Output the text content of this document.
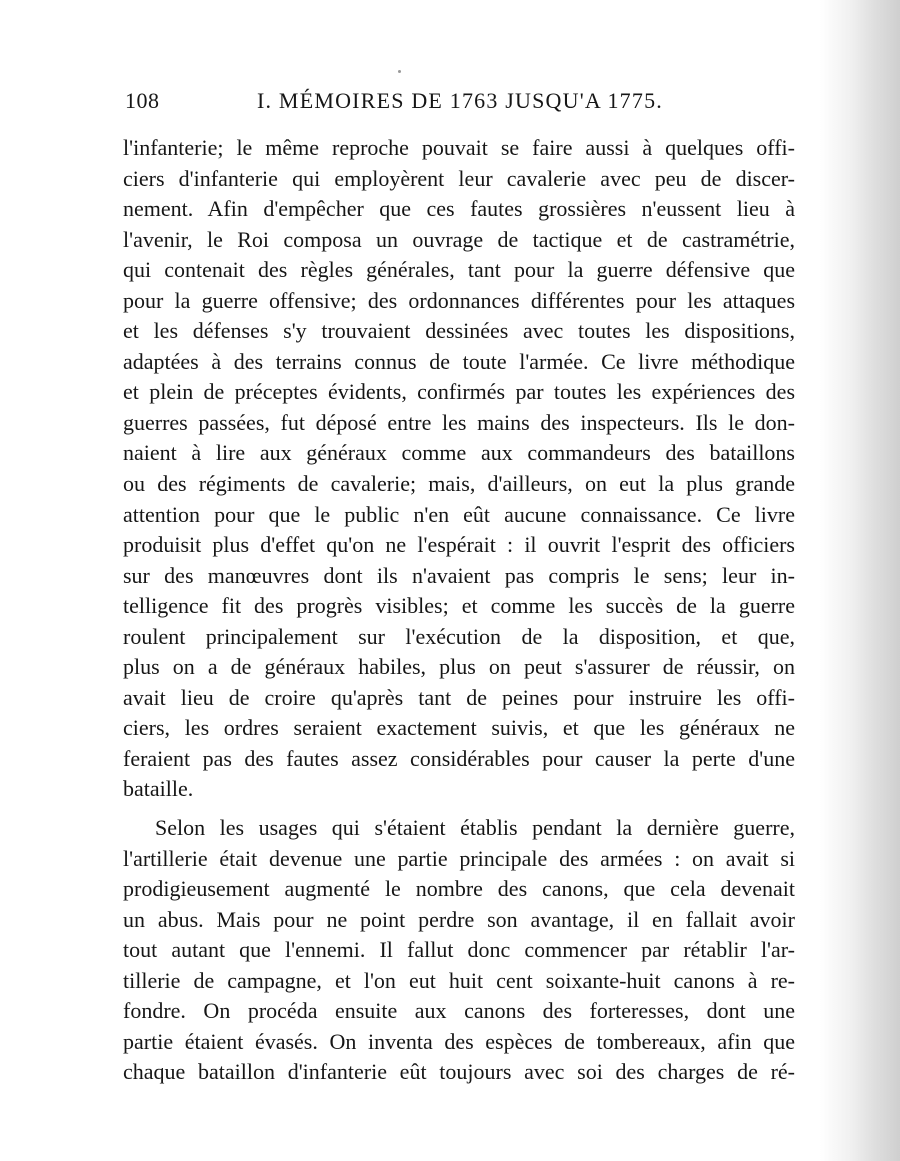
108	I. MÉMOIRES DE 1763 JUSQU'A 1775.
l'infanterie; le même reproche pouvait se faire aussi à quelques offi-
ciers d'infanterie qui employèrent leur cavalerie avec peu de discer-
nement. Afin d'empêcher que ces fautes grossières n'eussent lieu à
l'avenir, le Roi composa un ouvrage de tactique et de castramétrie,
qui contenait des règles générales, tant pour la guerre défensive que
pour la guerre offensive; des ordonnances différentes pour les attaques
et les défenses s'y trouvaient dessinées avec toutes les dispositions,
adaptées à des terrains connus de toute l'armée. Ce livre méthodique
et plein de préceptes évidents, confirmés par toutes les expériences des
guerres passées, fut déposé entre les mains des inspecteurs. Ils le don-
naient à lire aux généraux comme aux commandeurs des bataillons
ou des régiments de cavalerie; mais, d'ailleurs, on eut la plus grande
attention pour que le public n'en eût aucune connaissance. Ce livre
produisit plus d'effet qu'on ne l'espérait : il ouvrit l'esprit des officiers
sur des manœuvres dont ils n'avaient pas compris le sens; leur in-
telligence fit des progrès visibles; et comme les succès de la guerre
roulent principalement sur l'exécution de la disposition, et que,
plus on a de généraux habiles, plus on peut s'assurer de réussir, on
avait lieu de croire qu'après tant de peines pour instruire les offi-
ciers, les ordres seraient exactement suivis, et que les généraux ne
feraient pas des fautes assez considérables pour causer la perte d'une
bataille.
Selon les usages qui s'étaient établis pendant la dernière guerre,
l'artillerie était devenue une partie principale des armées : on avait si
prodigieusement augmenté le nombre des canons, que cela devenait
un abus. Mais pour ne point perdre son avantage, il en fallait avoir
tout autant que l'ennemi. Il fallut donc commencer par rétablir l'ar-
tillerie de campagne, et l'on eut huit cent soixante-huit canons à re-
fondre. On procéda ensuite aux canons des forteresses, dont une
partie étaient évasés. On inventa des espèces de tombereaux, afin que
chaque bataillon d'infanterie eût toujours avec soi des charges de ré-
